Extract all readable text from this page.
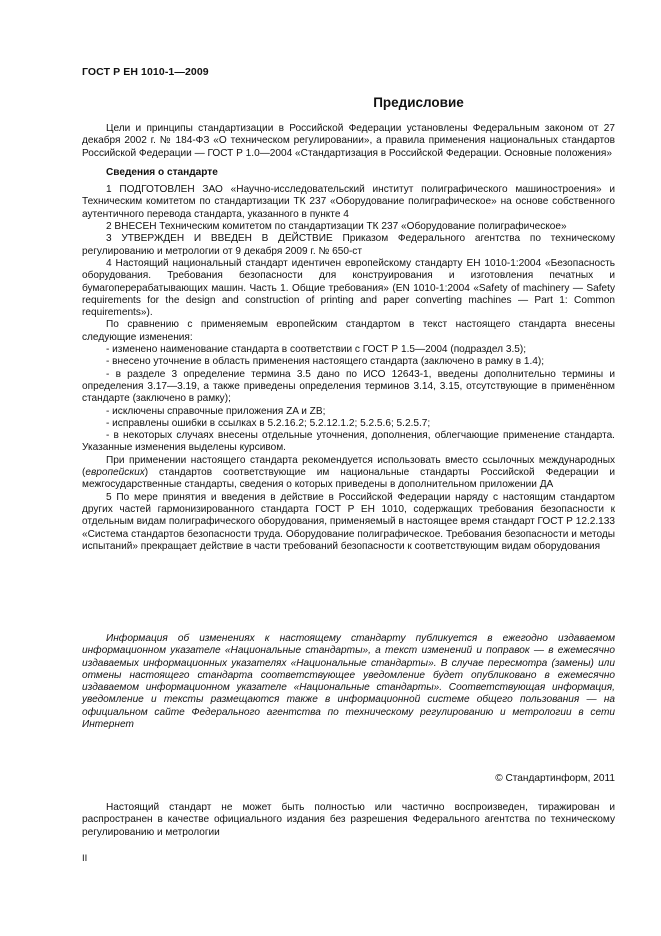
ГОСТ Р ЕН 1010-1—2009
Предисловие

Цели и принципы стандартизации в Российской Федерации установлены Федеральным законом от 27 декабря 2002 г. № 184-ФЗ «О техническом регулировании», а правила применения национальных стандартов Российской Федерации — ГОСТ Р 1.0—2004 «Стандартизация в Российской Федерации. Основные положения»

Сведения о стандарте

1 ПОДГОТОВЛЕН ЗАО «Научно-исследовательский институт полиграфического машиностроения» и Техническим комитетом по стандартизации ТК 237 «Оборудование полиграфическое» на основе собственного аутентичного перевода стандарта, указанного в пункте 4

2 ВНЕСЕН Техническим комитетом по стандартизации ТК 237 «Оборудование полиграфическое»

3 УТВЕРЖДЕН И ВВЕДЕН В ДЕЙСТВИЕ Приказом Федерального агентства по техническому регулированию и метрологии от 9 декабря 2009 г. № 650-ст

4 Настоящий национальный стандарт идентичен европейскому стандарту ЕН 1010-1:2004 «Безопасность оборудования. Требования безопасности для конструирования и изготовления печатных и бумагоперерабатывающих машин. Часть 1. Общие требования» (EN 1010-1:2004 «Safety of machinery — Safety requirements for the design and construction of printing and paper converting machines — Part 1: Common requirements»).

По сравнению с применяемым европейским стандартом в текст настоящего стандарта внесены следующие изменения:

- изменено наименование стандарта в соответствии с ГОСТ Р 1.5—2004 (подраздел 3.5);

- внесено уточнение в область применения настоящего стандарта (заключено в рамку в 1.4);

- в разделе 3 определение термина 3.5 дано по ИСО 12643-1, введены дополнительно термины и определения 3.17—3.19, а также приведены определения терминов 3.14, 3.15, отсутствующие в применённом стандарте (заключено в рамку);

- исключены справочные приложения ZA и ZB;

- исправлены ошибки в ссылках в 5.2.16.2; 5.2.12.1.2; 5.2.5.6; 5.2.5.7;

- в некоторых случаях внесены отдельные уточнения, дополнения, облегчающие применение стандарта. Указанные изменения выделены курсивом.

При применении настоящего стандарта рекомендуется использовать вместо ссылочных международных (европейских) стандартов соответствующие им национальные стандарты Российской Федерации и межгосударственные стандарты, сведения о которых приведены в дополнительном приложении ДА

5 По мере принятия и введения в действие в Российской Федерации наряду с настоящим стандартом других частей гармонизированного стандарта ГОСТ Р ЕН 1010, содержащих требования безопасности к отдельным видам полиграфического оборудования, применяемый в настоящее время стандарт ГОСТ Р 12.2.133 «Система стандартов безопасности труда. Оборудование полиграфическое. Требования безопасности и методы испытаний» прекращает действие в части требований безопасности к соответствующим видам оборудования

Информация об изменениях к настоящему стандарту публикуется в ежегодно издаваемом информационном указателе «Национальные стандарты», а текст изменений и поправок — в ежемесячно издаваемых информационных указателях «Национальные стандарты». В случае пересмотра (замены) или отмены настоящего стандарта соответствующее уведомление будет опубликовано в ежемесячно издаваемом информационном указателе «Национальные стандарты». Соответствующая информация, уведомление и тексты размещаются также в информационной системе общего пользования — на официальном сайте Федерального агентства по техническому регулированию и метрологии в сети Интернет

© Стандартинформ, 2011

Настоящий стандарт не может быть полностью или частично воспроизведен, тиражирован и распространен в качестве официального издания без разрешения Федерального агентства по техническому регулированию и метрологии

II
